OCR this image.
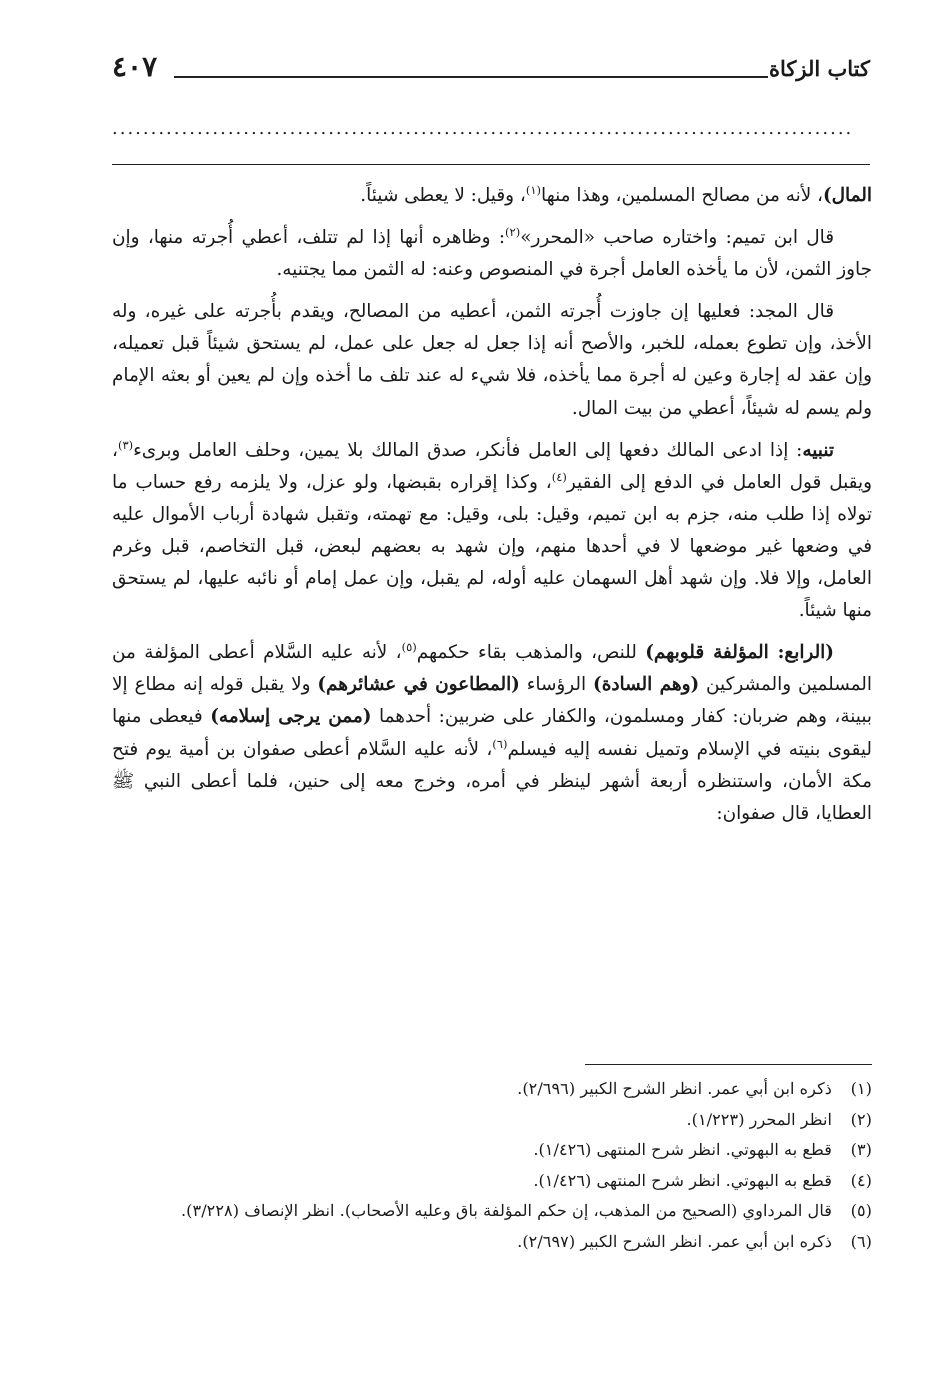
كتاب الزكاة
٤٠٧
................................................................................................

المال)، لأنه من مصالح المسلمين، وهذا منها$^{(١)}$، وقيل: لا يعطى شيئاً.

قال ابن تميم: واختاره صاحب «المحرر»$^{(٢)}$: وظاهره أنها إذا لم تتلف، أعطي أُجرته منها، وإن جاوز الثمن، لأن ما يأخذه العامل أجرة في المنصوص وعنه: له الثمن مما يجتنيه.

قال المجد: فعليها إن جاوزت أُجرته الثمن، أعطيه من المصالح، ويقدم بأُجرته على غيره، وله الأخذ، وإن تطوع بعمله، للخبر، والأصح أنه إذا جعل له جعل على عمل، لم يستحق شيئاً قبل تعميله، وإن عقد له إجارة وعين له أجرة مما يأخذه، فلا شيء له عند تلف ما أخذه وإن لم يعين أو بعثه الإمام ولم يسم له شيئاً، أعطي من بيت المال.

تنبيه: إذا ادعى المالك دفعها إلى العامل فأنكر، صدق المالك بلا يمين، وحلف العامل وبرىء$^{(٣)}$، ويقبل قول العامل في الدفع إلى الفقير$^{(٤)}$، وكذا إقراره بقبضها، ولو عزل، ولا يلزمه رفع حساب ما تولاه إذا طلب منه، جزم به ابن تميم، وقيل: بلى، وقيل: مع تهمته، وتقبل شهادة أرباب الأموال عليه في وضعها غير موضعها لا في أحدها منهم، وإن شهد به بعضهم لبعض، قبل التخاصم، قبل وغرم العامل، وإلا فلا. وإن شهد أهل السهمان عليه أوله، لم يقبل، وإن عمل إمام أو نائبه عليها، لم يستحق منها شيئاً.

(الرابع: المؤلفة قلوبهم) للنص، والمذهب بقاء حكمهم$^{(٥)}$، لأنه عليه السَّلام أعطى المؤلفة من المسلمين والمشركين (وهم السادة) الرؤساء (المطاعون في عشائرهم) ولا يقبل قوله إنه مطاع إلا ببينة، وهم ضربان: كفار ومسلمون، والكفار على ضربين: أحدهما (ممن يرجى إسلامه) فيعطى منها ليقوى بنيته في الإسلام وتميل نفسه إليه فيسلم$^{(٦)}$، لأنه عليه السَّلام أعطى صفوان بن أمية يوم فتح مكة الأمان، واستنظره أربعة أشهر لينظر في أمره، وخرج معه إلى حنين، فلما أعطى النبي ﷺ العطايا، قال صفوان:

(١)
ذكره ابن أبي عمر. انظر الشرح الكبير (٢/٦٩٦).

(٢)
انظر المحرر (١/٢٢٣).

(٣)
قطع به البهوتي. انظر شرح المنتهى (١/٤٢٦).

(٤)
قطع به البهوتي. انظر شرح المنتهى (١/٤٢٦).

(٥)
قال المرداوي (الصحيح من المذهب، إن حكم المؤلفة باق وعليه الأصحاب). انظر الإنصاف (٣/٢٢٨).

(٦)
ذكره ابن أبي عمر. انظر الشرح الكبير (٢/٦٩٧).
